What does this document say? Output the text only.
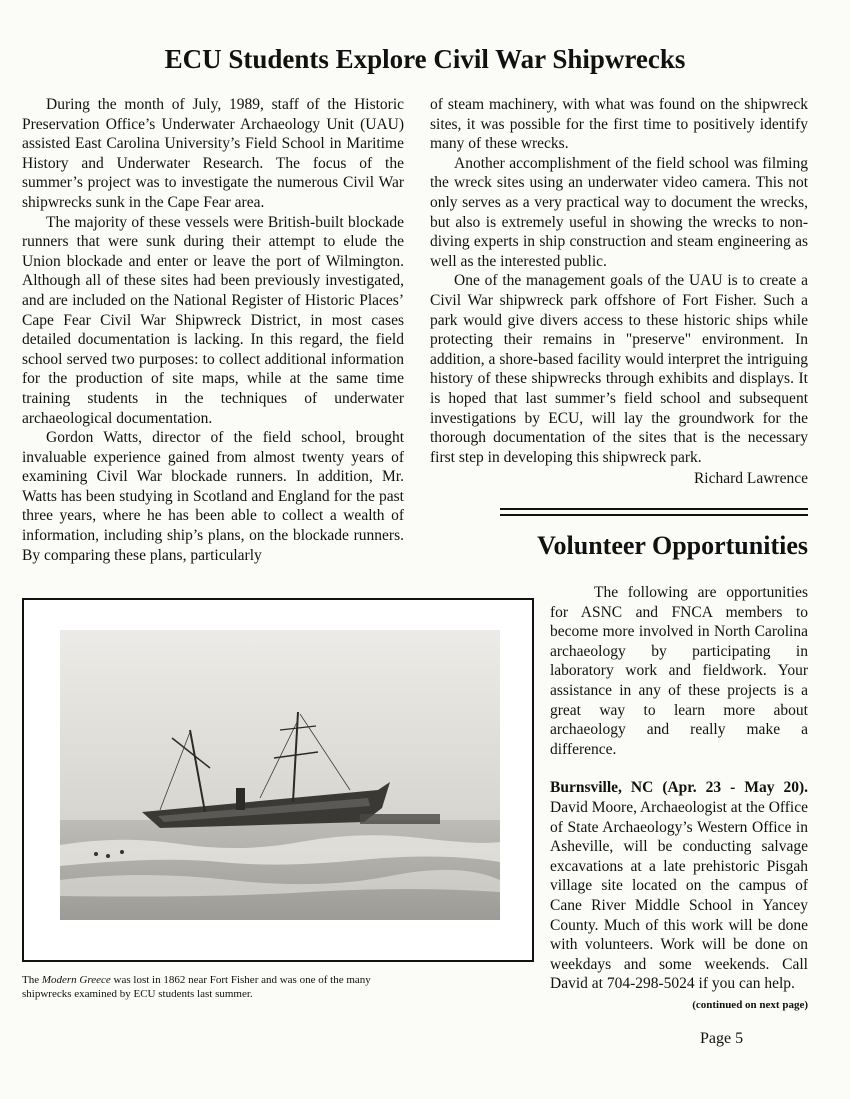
ECU Students Explore Civil War Shipwrecks

During the month of July, 1989, staff of the Historic Preservation Office’s Underwater Archaeology Unit (UAU) assisted East Carolina University’s Field School in Maritime History and Underwater Research. The focus of the summer’s project was to investigate the numerous Civil War shipwrecks sunk in the Cape Fear area.

The majority of these vessels were British-built blockade runners that were sunk during their attempt to elude the Union blockade and enter or leave the port of Wilmington. Although all of these sites had been previously investigated, and are included on the National Register of Historic Places’ Cape Fear Civil War Shipwreck District, in most cases detailed documentation is lacking. In this regard, the field school served two purposes: to collect additional information for the production of site maps, while at the same time training students in the techniques of underwater archaeological documentation.

Gordon Watts, director of the field school, brought invaluable experience gained from almost twenty years of examining Civil War blockade runners. In addition, Mr. Watts has been studying in Scotland and England for the past three years, where he has been able to collect a wealth of information, including ship’s plans, on the blockade runners. By comparing these plans, particularly

of steam machinery, with what was found on the shipwreck sites, it was possible for the first time to positively identify many of these wrecks.

Another accomplishment of the field school was filming the wreck sites using an underwater video camera. This not only serves as a very practical way to document the wrecks, but also is extremely useful in showing the wrecks to non-diving experts in ship construction and steam engineering as well as the interested public.

One of the management goals of the UAU is to create a Civil War shipwreck park offshore of Fort Fisher. Such a park would give divers access to these historic ships while protecting their remains in "preserve" environment. In addition, a shore-based facility would interpret the intriguing history of these shipwrecks through exhibits and displays. It is hoped that last summer’s field school and subsequent investigations by ECU, will lay the groundwork for the thorough documentation of the sites that is the necessary first step in developing this shipwreck park.

Richard Lawrence
Volunteer Opportunities

The following are opportunities for ASNC and FNCA members to become more involved in North Carolina archaeology by participating in laboratory work and fieldwork. Your assistance in any of these projects is a great way to learn more about archaeology and really make a difference.

Burnsville, NC (Apr. 23 - May 20). David Moore, Archaeologist at the Office of State Archaeology’s Western Office in Asheville, will be conducting salvage excavations at a late prehistoric Pisgah village site located on the campus of Cane River Middle School in Yancey County. Much of this work will be done with volunteers. Work will be done on weekdays and some weekends. Call David at 704-298-5024 if you can help.

(continued on next page)
The Modern Greece was lost in 1862 near Fort Fisher and was one of the many shipwrecks examined by ECU students last summer.
Page 5
